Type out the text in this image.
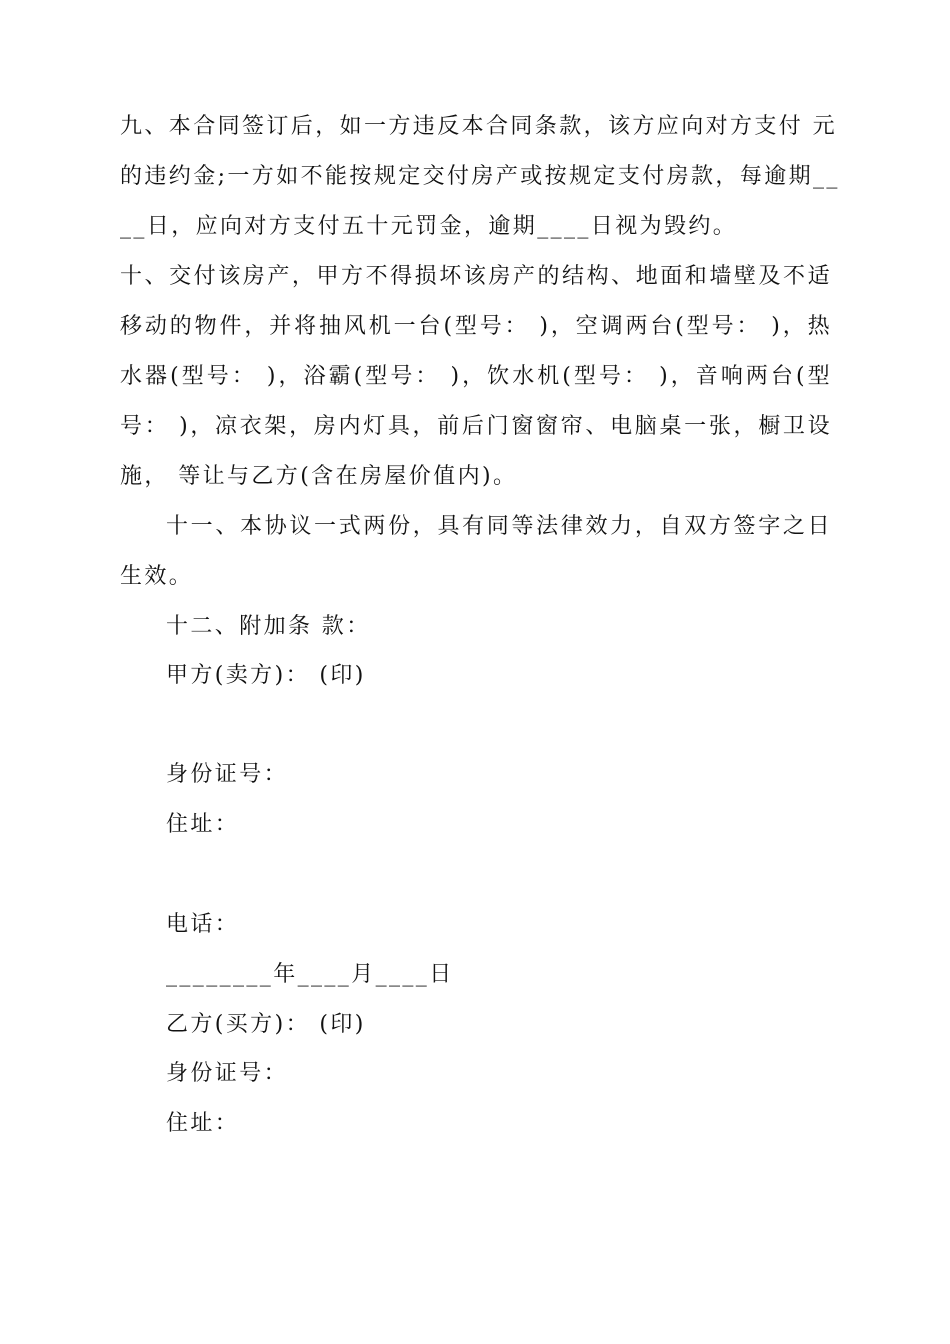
九、本合同签订后，如一方违反本合同条款，该方应向对方支付 元
的违约金;一方如不能按规定交付房产或按规定支付房款，每逾期__
__日，应向对方支付五十元罚金，逾期____日视为毁约。
十、交付该房产，甲方不得损坏该房产的结构、地面和墙壁及不适
移动的物件，并将抽风机一台(型号： )，空调两台(型号： )，热
水器(型号： )，浴霸(型号： )，饮水机(型号： )，音响两台(型
号： )，凉衣架，房内灯具，前后门窗窗帘、电脑桌一张，橱卫设
施， 等让与乙方(含在房屋价值内)。
十一、本协议一式两份，具有同等法律效力，自双方签字之日
生效。
十二、附加条 款：
甲方(卖方)： (印)
身份证号：
住址：
电话：
________年____月____日
乙方(买方)： (印)
身份证号：
住址：
